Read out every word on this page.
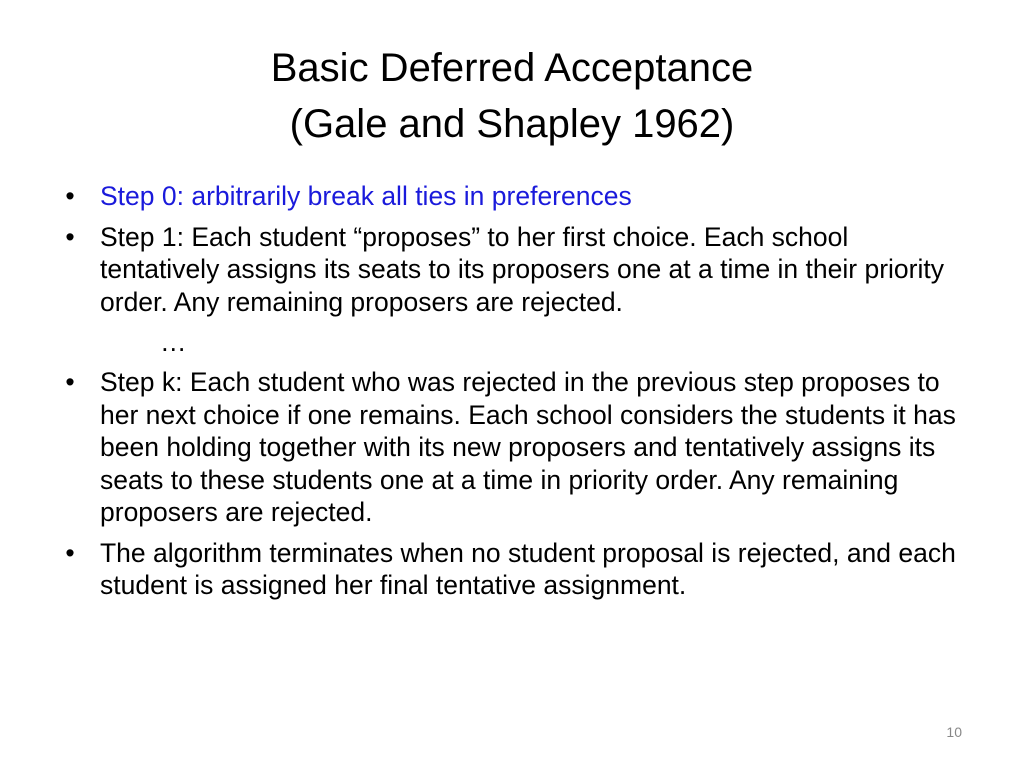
Basic Deferred Acceptance
(Gale and Shapley 1962)
• Step 0: arbitrarily break all ties in preferences
• Step 1: Each student “proposes” to her first choice. Each school tentatively assigns its seats to its proposers one at a time in their priority order. Any remaining proposers are rejected.
…
• Step k: Each student who was rejected in the previous step proposes to her next choice if one remains. Each school considers the students it has been holding together with its new proposers and tentatively assigns its seats to these students one at a time in priority order. Any remaining proposers are rejected.
• The algorithm terminates when no student proposal is rejected, and each student is assigned her final tentative assignment.
10
